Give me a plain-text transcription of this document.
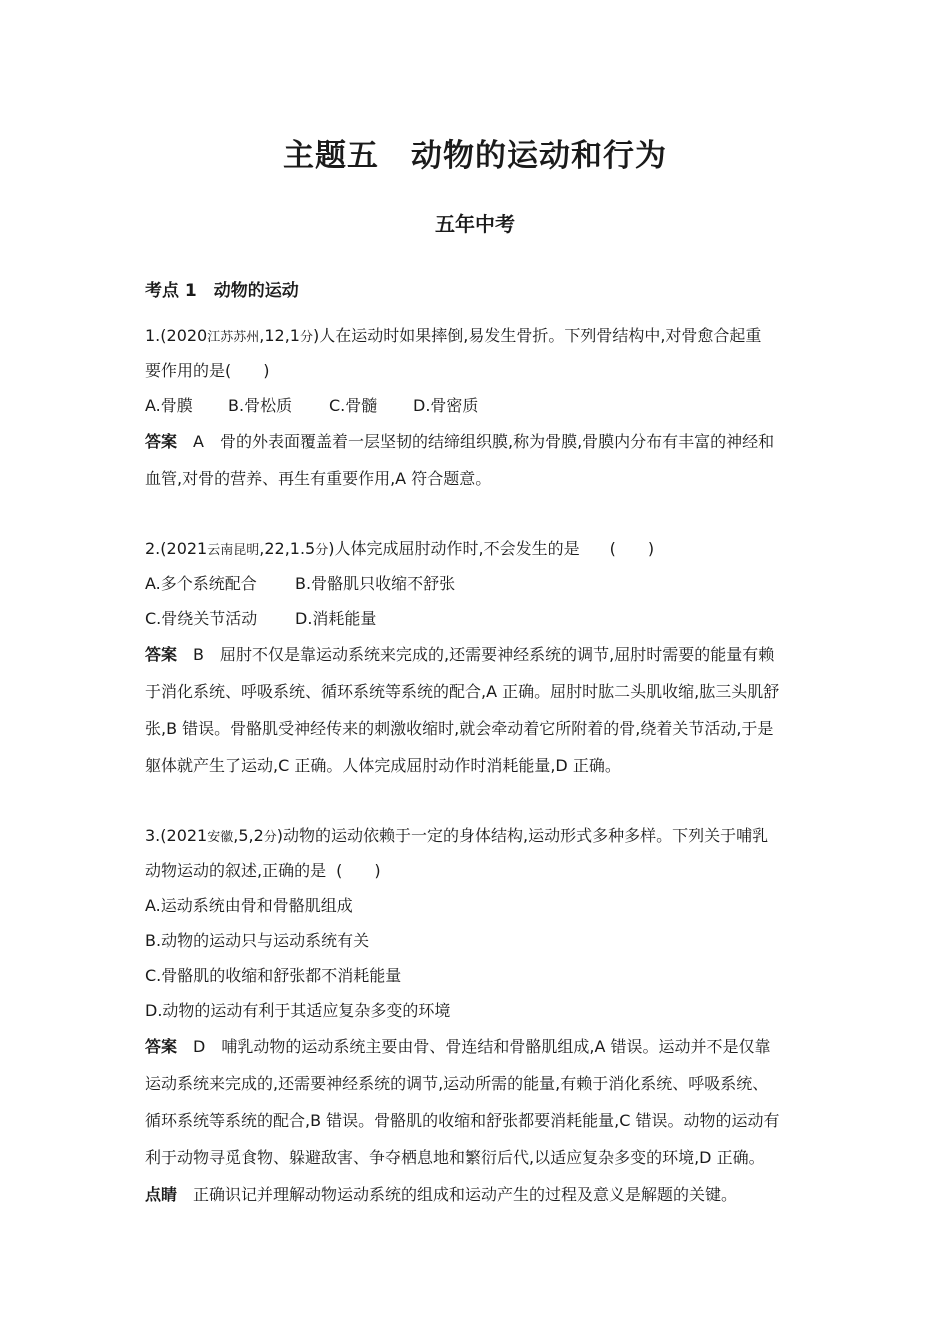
主题五　动物的运动和行为
五年中考
考点 1　动物的运动
1.(2020江苏苏州,12,1分)人在运动时如果摔倒,易发生骨折。下列骨结构中,对骨愈合起重
要作用的是(　　)
A.骨膜 B.骨松质 C.骨髓 D.骨密质
答案　 A　 骨的外表面覆盖着一层坚韧的结缔组织膜,称为骨膜,骨膜内分布有丰富的神经和
血管,对骨的营养、再生有重要作用,A 符合题意。
2.(2021云南昆明,22,1.5分)人体完成屈肘动作时,不会发生的是 (　　)
A.多个系统配合 B.骨骼肌只收缩不舒张
C.骨绕关节活动 D.消耗能量
答案　 B　 屈肘不仅是靠运动系统来完成的,还需要神经系统的调节,屈肘时需要的能量有赖
于消化系统、呼吸系统、循环系统等系统的配合,A 正确。屈肘时肱二头肌收缩,肱三头肌舒
张,B 错误。骨骼肌受神经传来的刺激收缩时,就会牵动着它所附着的骨,绕着关节活动,于是
躯体就产生了运动,C 正确。人体完成屈肘动作时消耗能量,D 正确。
3.(2021安徽,5,2分)动物的运动依赖于一定的身体结构,运动形式多种多样。下列关于哺乳
动物运动的叙述,正确的是 (　　)
A.运动系统由骨和骨骼肌组成
B.动物的运动只与运动系统有关
C.骨骼肌的收缩和舒张都不消耗能量
D.动物的运动有利于其适应复杂多变的环境
答案　 D　 哺乳动物的运动系统主要由骨、骨连结和骨骼肌组成,A 错误。运动并不是仅靠
运动系统来完成的,还需要神经系统的调节,运动所需的能量,有赖于消化系统、呼吸系统、
循环系统等系统的配合,B 错误。骨骼肌的收缩和舒张都要消耗能量,C 错误。动物的运动有
利于动物寻觅食物、躲避敌害、争夺栖息地和繁衍后代,以适应复杂多变的环境,D 正确。
点睛　 正确识记并理解动物运动系统的组成和运动产生的过程及意义是解题的关键。
